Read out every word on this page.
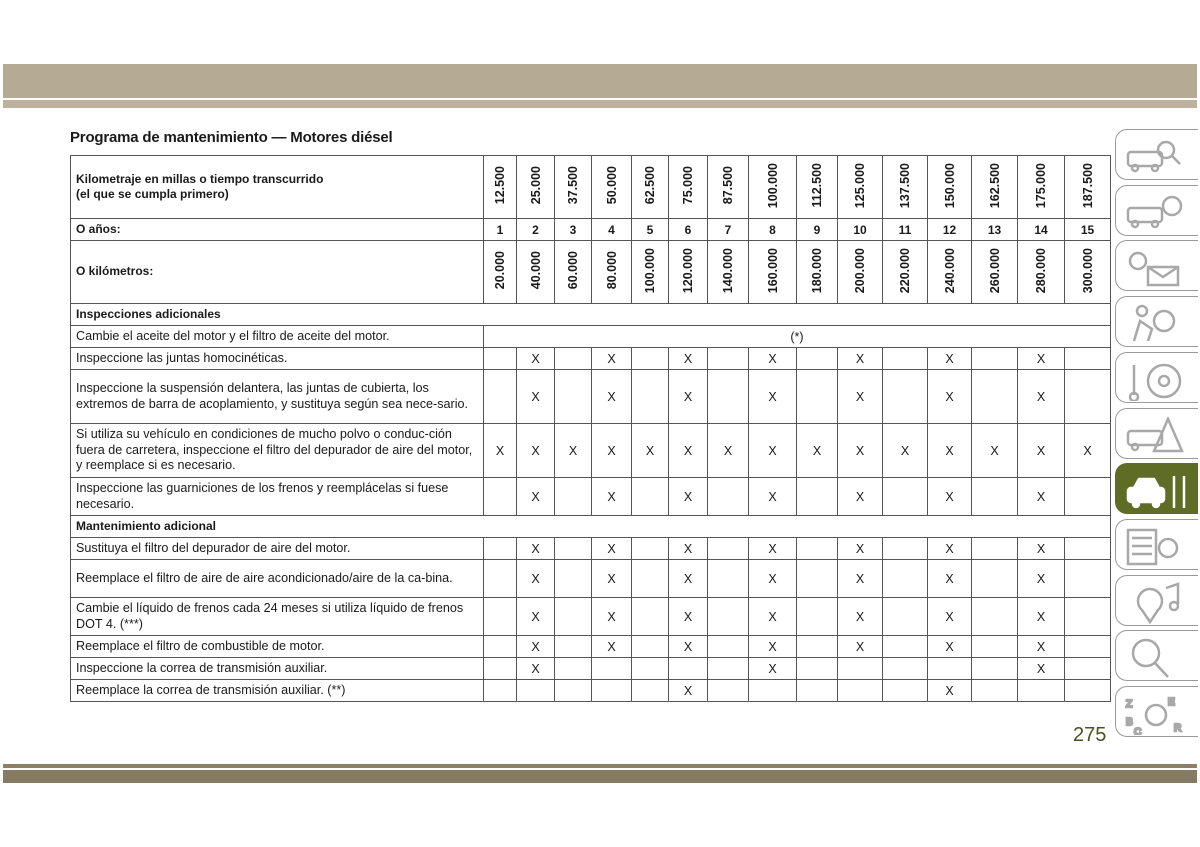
Programa de mantenimiento — Motores diésel
Kilometraje en millas o tiempo transcurrido
(el que se cumpla primero)	12.500	25.000	37.500	50.000	62.500	75.000	87.500	100.000	112.500	125.000	137.500	150.000	162.500	175.000	187.500
O años:	1	2	3	4	5	6	7	8	9	10	11	12	13	14	15
O kilómetros:	20.000	40.000	60.000	80.000	100.000	120.000	140.000	160.000	180.000	200.000	220.000	240.000	260.000	280.000	300.000
Inspecciones adicionales															
Cambie el aceite del motor y el filtro de aceite del motor.	(*)														
Inspeccione las juntas homocinéticas.		X		X		X		X		X		X		X	
Inspeccione la suspensión delantera, las juntas de cubierta, los extremos de barra de acoplamiento, y sustituya según sea nece-sario.		X		X		X		X		X		X		X	
Si utiliza su vehículo en condiciones de mucho polvo o conduc-ción fuera de carretera, inspeccione el filtro del depurador de aire del motor, y reemplace si es necesario.	X	X	X	X	X	X	X	X	X	X	X	X	X	X	X
Inspeccione las guarniciones de los frenos y reemplácelas si fuese necesario.		X		X		X		X		X		X		X	
Mantenimiento adicional															
Sustituya el filtro del depurador de aire del motor.		X		X		X		X		X		X		X	
Reemplace el filtro de aire de aire acondicionado/aire de la ca-bina.		X		X		X		X		X		X		X	
Cambie el líquido de frenos cada 24 meses si utiliza líquido de frenos DOT 4. (***)		X		X		X		X		X		X		X	
Reemplace el filtro de combustible de motor.		X		X		X		X		X		X		X	
Inspeccione la correa de transmisión auxiliar.		X						X						X	
Reemplace la correa de transmisión auxiliar. (**)						X						X			
Z	E
B
C	R
275
